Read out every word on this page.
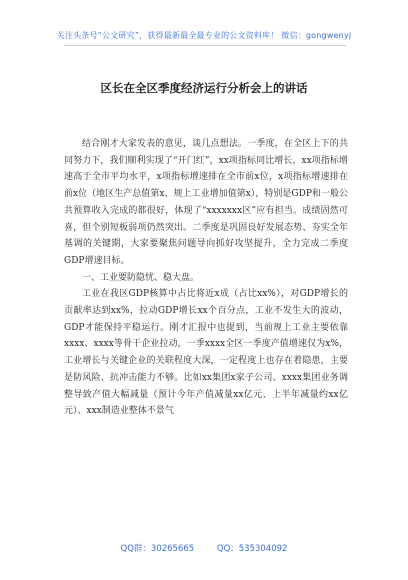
关注头条号“公文研究”，获得最新最全最专业的公文资料库！ 微信：gongwenyj
区长在全区季度经济运行分析会上的讲话

结合刚才大家发表的意见，谈几点想法。一季度，在全区上下的共同努力下，我们顺利实现了“开门红”，xx项指标同比增长，xx项指标增速高于全市平均水平，x项指标增速排在全市前x位，x项指标增速排在前x位（地区生产总值第x、规上工业增加值第x），特别是GDP和一般公共预算收入完成的都很好，体现了“xxxxxxx区”应有担当。成绩固然可喜，但个别短板弱项仍然突出。二季度是巩固良好发展态势、夯实全年基调的关键期，大家要聚焦问题导向抓好攻坚提升，全力完成二季度GDP增速目标。

一、工业要防隐忧、稳大盘。

工业在我区GDP核算中占比将近x成（占比xx%），对GDP增长的贡献率达到xx%，拉动GDP增长xx个百分点，工业不发生大的波动，GDP才能保持平稳运行。刚才汇报中也提到，当前规上工业主要依靠xxxx、xxxx等骨干企业拉动，一季xxxx全区一季度产值增速仅为x%，工业增长与关键企业的关联程度大深，一定程度上也存在着隐患，主要是防风险、抗冲击能力不够。比如xx集团x家子公司、xxxx集团业务调整导致产值大幅减量（预计今年产值减量xx亿元、上半年减量约xx亿元）、xxx制造业整体不景气

QQ群：30265665	QQ：535304092
